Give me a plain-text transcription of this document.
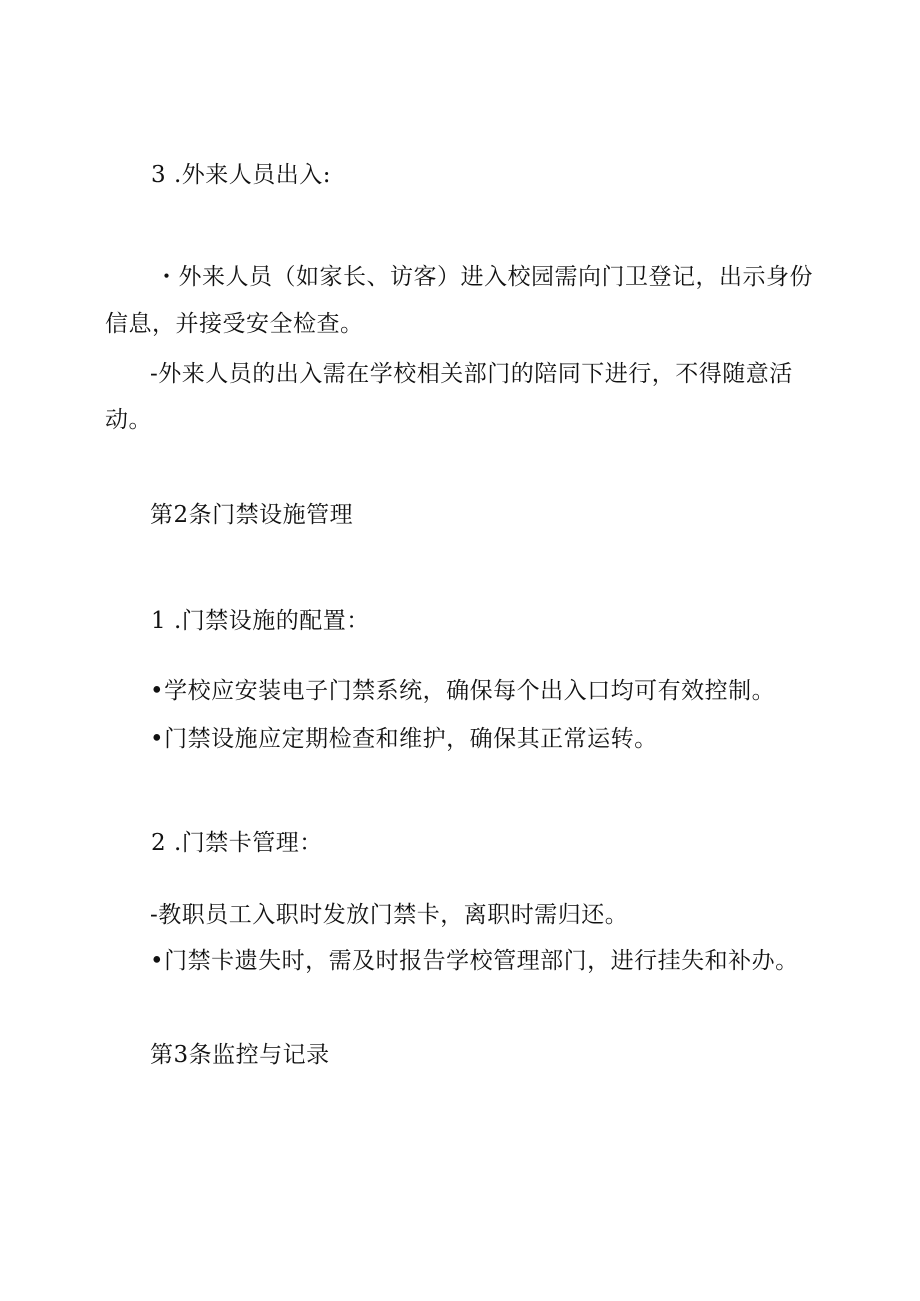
3 .外来人员出入:
・外来人员（如家长、访客）进入校园需向门卫登记，出示身份
信息，并接受安全检查。
-外来人员的出入需在学校相关部门的陪同下进行，不得随意活
动。
第2条门禁设施管理
1 .门禁设施的配置：
•学校应安装电子门禁系统，确保每个出入口均可有效控制。
•门禁设施应定期检查和维护，确保其正常运转。
2 .门禁卡管理：
-教职员工入职时发放门禁卡，离职时需归还。
•门禁卡遗失时，需及时报告学校管理部门，进行挂失和补办。
第3条监控与记录
